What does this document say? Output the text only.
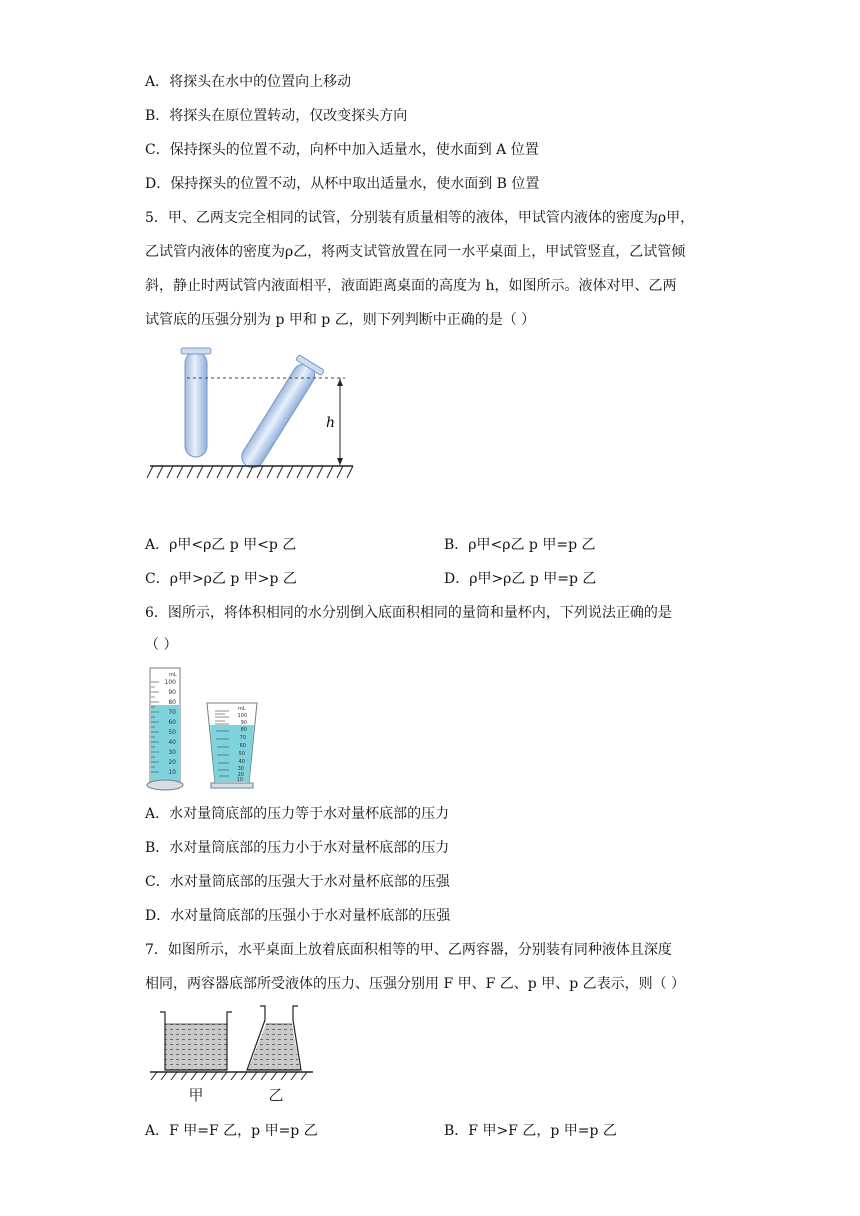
A．将探头在水中的位置向上移动
B．将探头在原位置转动，仅改变探头方向
C．保持探头的位置不动，向杯中加入适量水，使水面到 A 位置
D．保持探头的位置不动，从杯中取出适量水，使水面到 B 位置
5．甲、乙两支完全相同的试管，分别装有质量相等的液体，甲试管内液体的密度为ρ甲，
乙试管内液体的密度为ρ乙，将两支试管放置在同一水平桌面上，甲试管竖直，乙试管倾
斜，静止时两试管内液面相平，液面距离桌面的高度为 h，如图所示。液体对甲、乙两
试管底的压强分别为 p 甲和 p 乙，则下列判断中正确的是（ ）
h
A．ρ甲<ρ乙 p 甲<p 乙	B．ρ甲<ρ乙 p 甲=p 乙
C．ρ甲>ρ乙 p 甲>p 乙	D．ρ甲>ρ乙 p 甲=p 乙
6．图所示，将体积相同的水分别倒入底面积相同的量筒和量杯内，下列说法正确的是
（ ）
mL
100
90
80
70
60
50
40
30
20
10
mL
100
90
80
70
60
50
40
30
20
10
A．水对量筒底部的压力等于水对量杯底部的压力
B．水对量筒底部的压力小于水对量杯底部的压力
C．水对量筒底部的压强大于水对量杯底部的压强
D．水对量筒底部的压强小于水对量杯底部的压强
7．如图所示，水平桌面上放着底面积相等的甲、乙两容器，分别装有同种液体且深度
相同，两容器底部所受液体的压力、压强分别用 F 甲、F 乙、p 甲、p 乙表示，则（ ）
甲	乙
A．F 甲=F 乙，p 甲=p 乙	B．F 甲>F 乙，p 甲=p 乙
